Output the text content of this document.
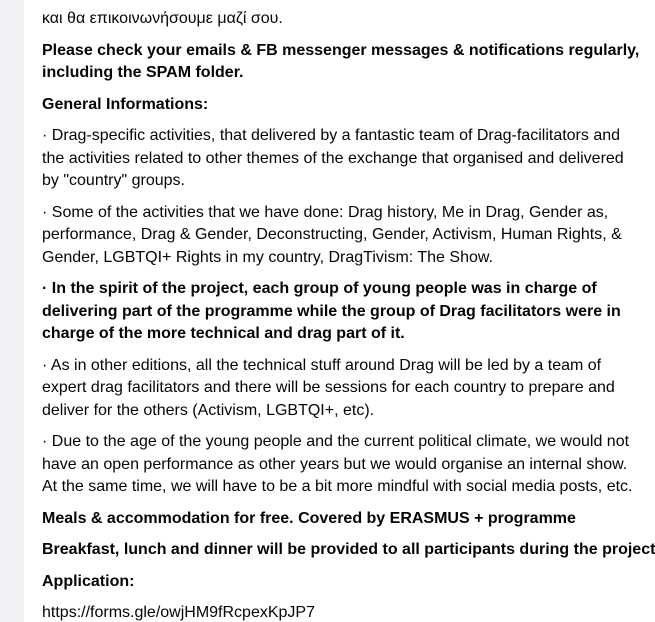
και θα επικοινωνήσουμε μαζί σου.
Please check your emails & FB messenger messages & notifications regularly,
including the SPAM folder.
General Informations:
· Drag-specific activities, that delivered by a fantastic team of Drag-facilitators and
the activities related to other themes of the exchange that organised and delivered
by "country" groups.
· Some of the activities that we have done: Drag history, Me in Drag, Gender as,
performance, Drag & Gender, Deconstructing, Gender, Activism, Human Rights, &
Gender, LGBTQI+ Rights in my country, DragTivism: The Show.
· In the spirit of the project, each group of young people was in charge of
delivering part of the programme while the group of Drag facilitators were in
charge of the more technical and drag part of it.
· As in other editions, all the technical stuff around Drag will be led by a team of
expert drag facilitators and there will be sessions for each country to prepare and
deliver for the others (Activism, LGBTQI+, etc).
· Due to the age of the young people and the current political climate, we would not
have an open performance as other years but we would organise an internal show.
At the same time, we will have to be a bit more mindful with social media posts, etc.
Meals & accommodation for free. Covered by ERASMUS + programme
Breakfast, lunch and dinner will be provided to all participants during the project
Application:
https://forms.gle/owjHM9fRcpexKpJP7
